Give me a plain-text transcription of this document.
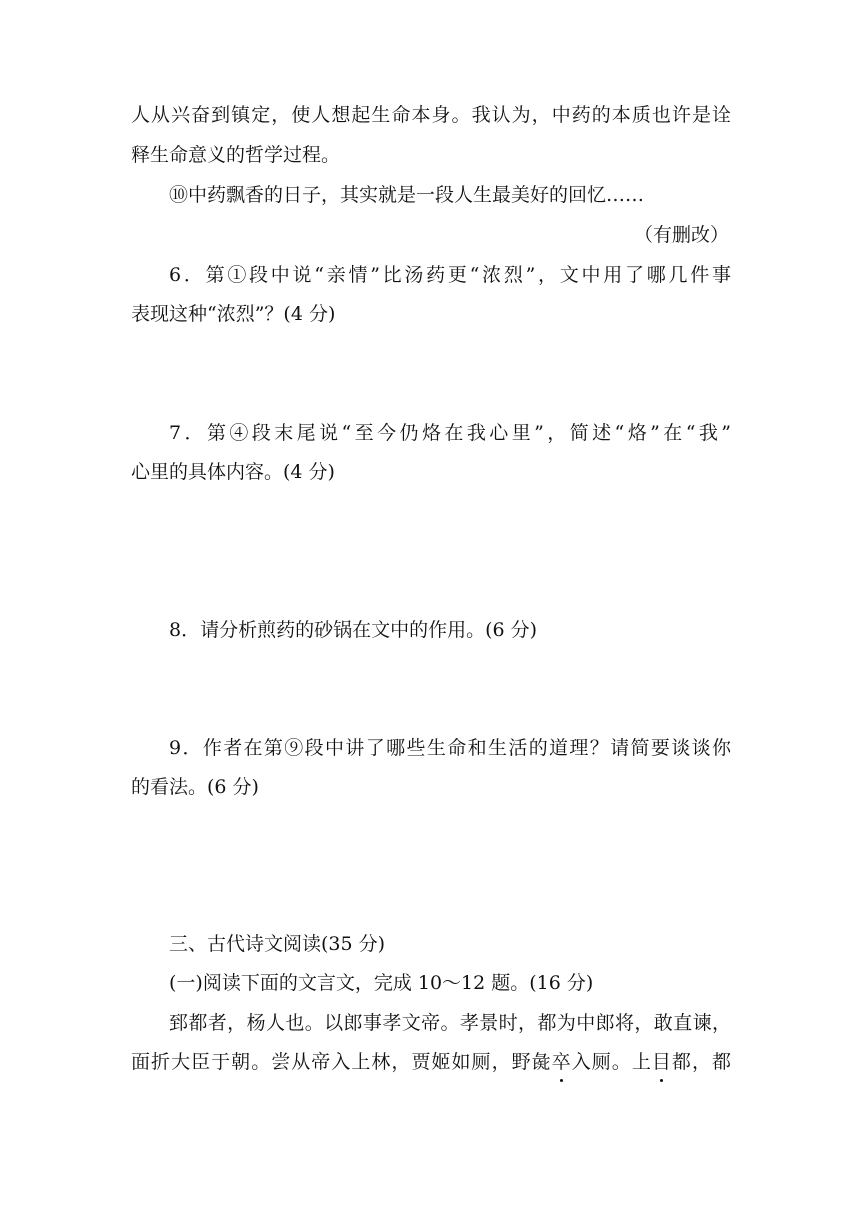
人从兴奋到镇定，使人想起生命本身。我认为，中药的本质也许是诠
释生命意义的哲学过程。
⑩中药飘香的日子，其实就是一段人生最美好的回忆……
（有删改）
6．第①段中说“亲情”比汤药更“浓烈”，文中用了哪几件事
表现这种“浓烈”？(4 分)
7．第④段末尾说“至今仍烙在我心里”，简述“烙”在“我”
心里的具体内容。(4 分)
8．请分析煎药的砂锅在文中的作用。(6 分)
9．作者在第⑨段中讲了哪些生命和生活的道理？请简要谈谈你
的看法。(6 分)
三、古代诗文阅读(35 分)
(一)阅读下面的文言文，完成 10～12 题。(16 分)
郅都者，杨人也。以郎事孝文帝。孝景时，都为中郎将，敢直谏，
面折大臣于朝。尝从帝入上林，贾姬如厕，野彘卒入厕。上目都，都
